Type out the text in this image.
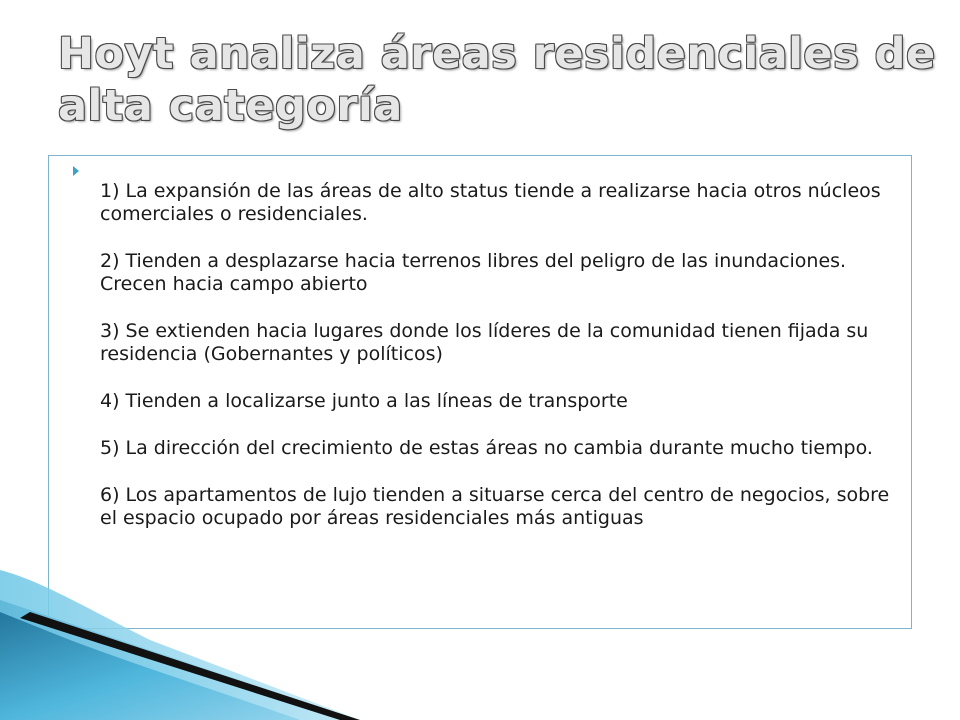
Hoyt analiza áreas residenciales de alta categoría
1) La expansión de las áreas de alto status tiende a realizarse hacia otros núcleos comerciales o residenciales.
2) Tienden a desplazarse hacia terrenos libres del peligro de las inundaciones. Crecen hacia campo abierto
3) Se extienden hacia lugares donde los líderes de la comunidad tienen fijada su residencia (Gobernantes y políticos)
4) Tienden a localizarse junto a las líneas de transporte
5) La dirección del crecimiento de estas áreas no cambia durante mucho tiempo.
6) Los apartamentos de lujo tienden a situarse cerca del centro de negocios, sobre el espacio ocupado por áreas residenciales más antiguas
